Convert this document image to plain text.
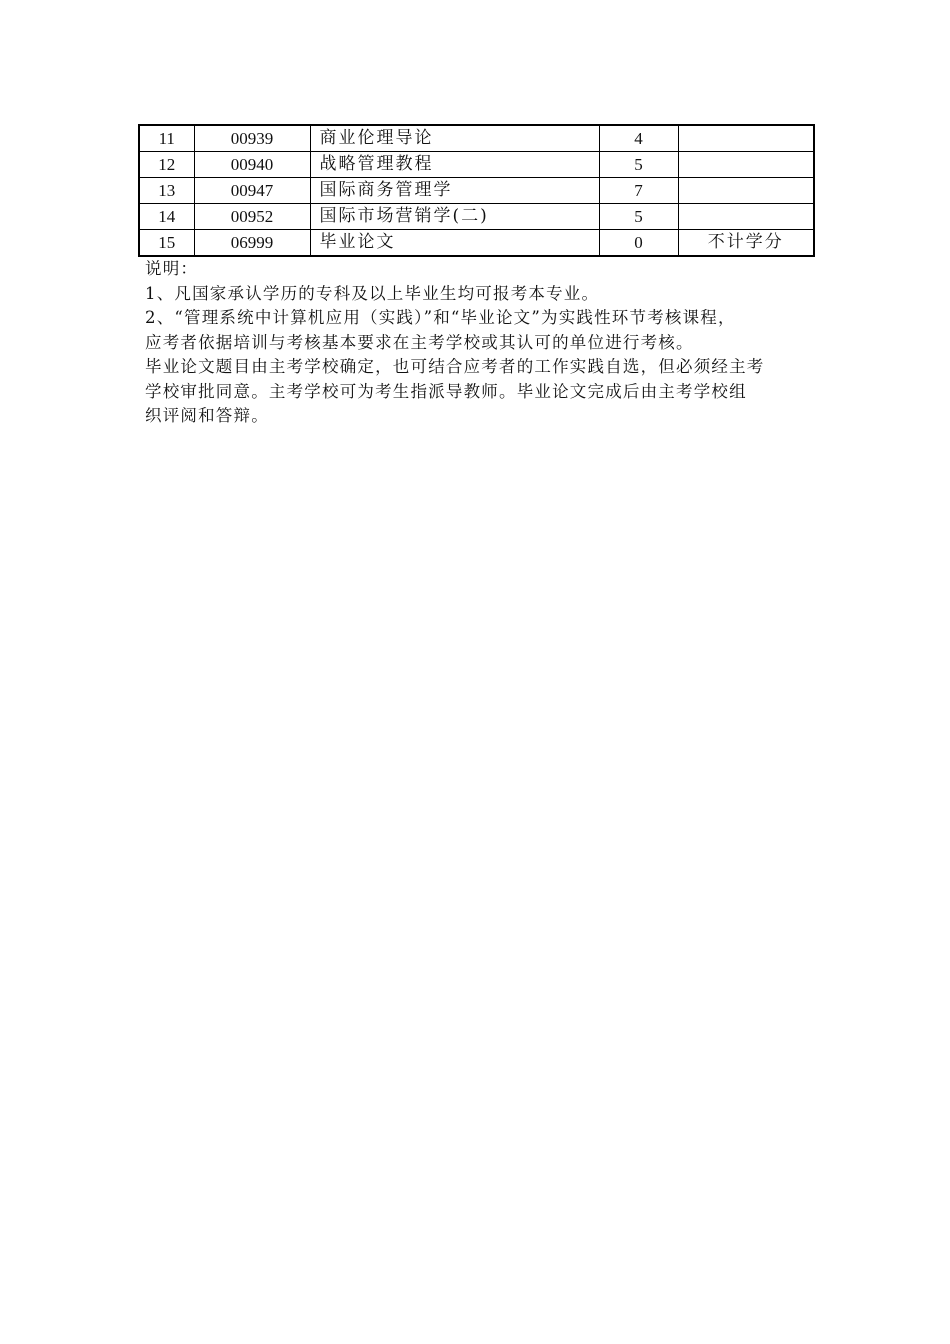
11	00939	商业伦理导论	4	
12	00940	战略管理教程	5	
13	00947	国际商务管理学	7	
14	00952	国际市场营销学(二)	5	
15	06999	毕业论文	0	不计学分

说明：

1、凡国家承认学历的专科及以上毕业生均可报考本专业。

2、“管理系统中计算机应用（实践）”和“毕业论文”为实践性环节考核课程，

应考者依据培训与考核基本要求在主考学校或其认可的单位进行考核。

毕业论文题目由主考学校确定，也可结合应考者的工作实践自选，但必须经主考

学校审批同意。主考学校可为考生指派导教师。毕业论文完成后由主考学校组

织评阅和答辩。
